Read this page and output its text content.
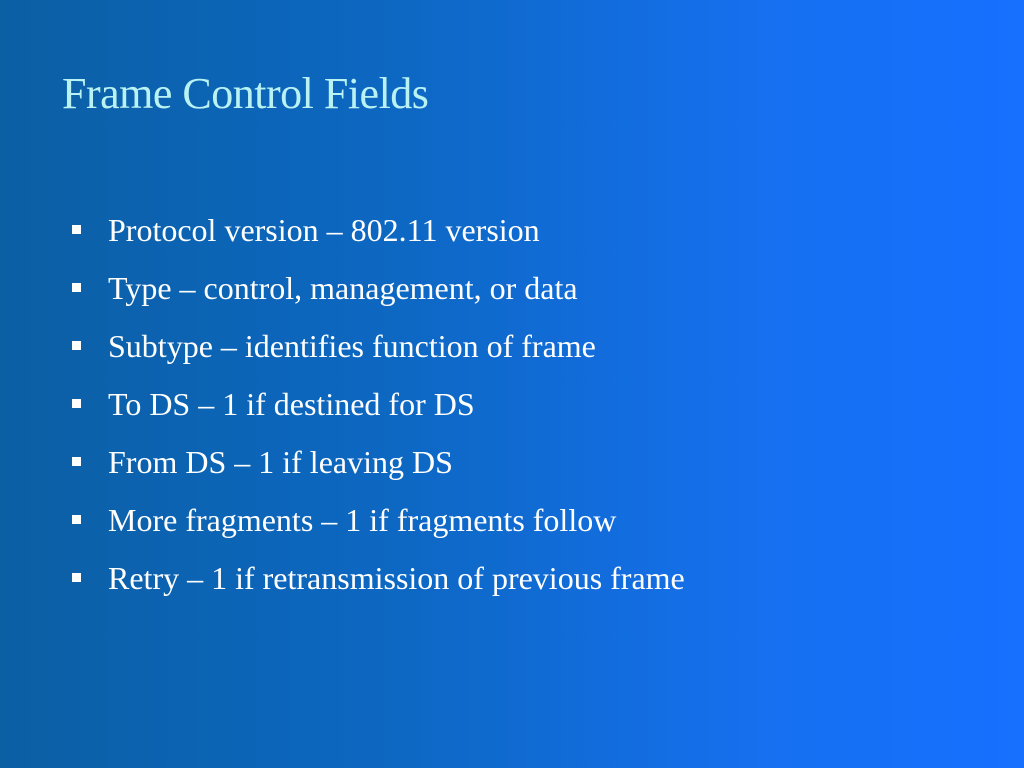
Frame Control Fields
Protocol version – 802.11 version
Type – control, management, or data
Subtype – identifies function of frame
To DS – 1 if destined for DS
From DS – 1 if leaving DS
More fragments – 1 if fragments follow
Retry – 1 if retransmission of previous frame
